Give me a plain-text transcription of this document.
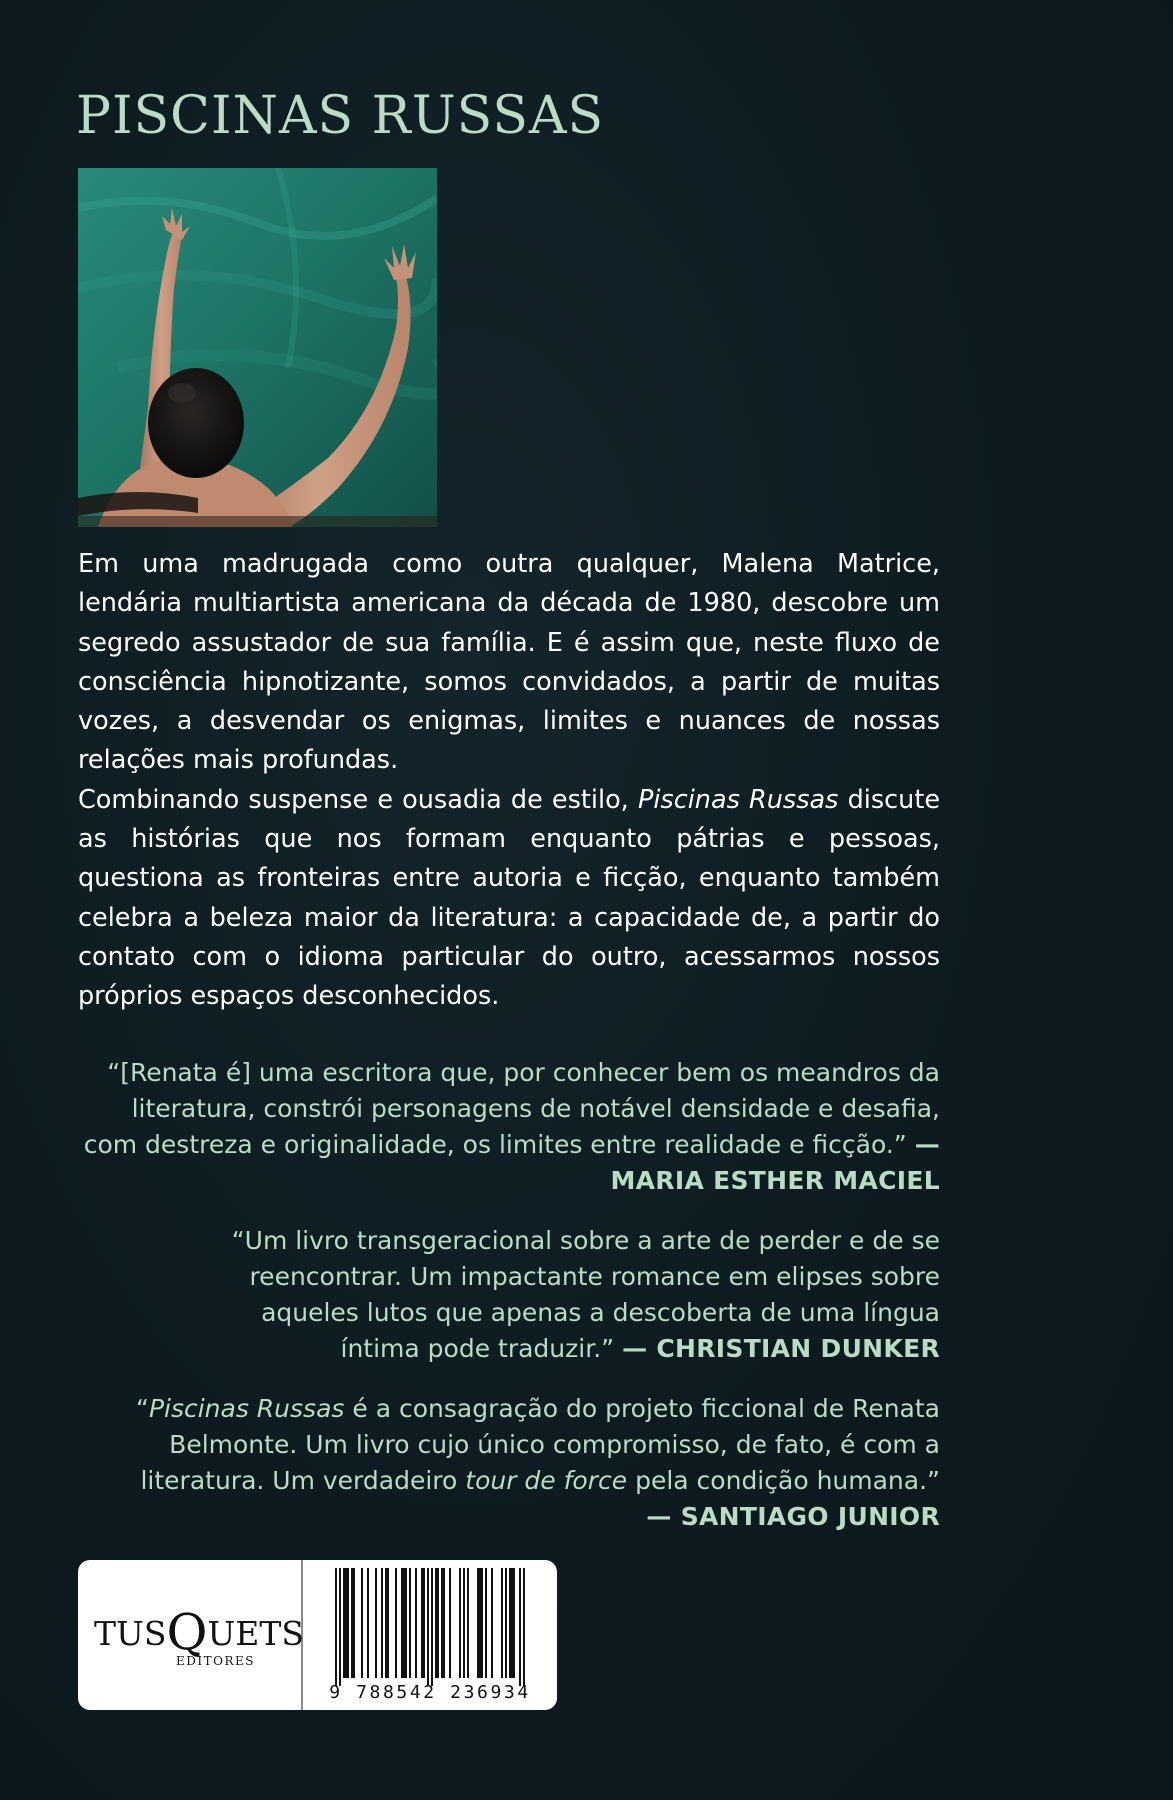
PISCINAS RUSSAS

Em uma madrugada como outra qualquer, Malena Matrice, lendária multiartista americana da década de 1980, descobre um segredo assustador de sua família. E é assim que, neste fluxo de consciência hipnotizante, somos convidados, a partir de muitas vozes, a desvendar os enigmas, limites e nuances de nossas relações mais profundas.

Combinando suspense e ousadia de estilo, Piscinas Russas discute as histórias que nos formam enquanto pátrias e pessoas, questiona as fronteiras entre autoria e ficção, enquanto também celebra a beleza maior da literatura: a capacidade de, a partir do contato com o idioma particular do outro, acessarmos nossos próprios espaços desconhecidos.

“[Renata é] uma escritora que, por conhecer bem os meandros da literatura, constrói personagens de notável densidade e desafia, com destreza e originalidade, os limites entre realidade e ficção.” — MARIA ESTHER MACIEL

“Um livro transgeracional sobre a arte de perder e de se reencontrar. Um impactante romance em elipses sobre aqueles lutos que apenas a descoberta de uma língua íntima pode traduzir.” — CHRISTIAN DUNKER

“Piscinas Russas é a consagração do projeto ficcional de Renata Belmonte. Um livro cujo único compromisso, de fato, é com a literatura. Um verdadeiro tour de force pela condição humana.”
— SANTIAGO JUNIOR

TUSQUETS
EDITORES
9 788542 236934
